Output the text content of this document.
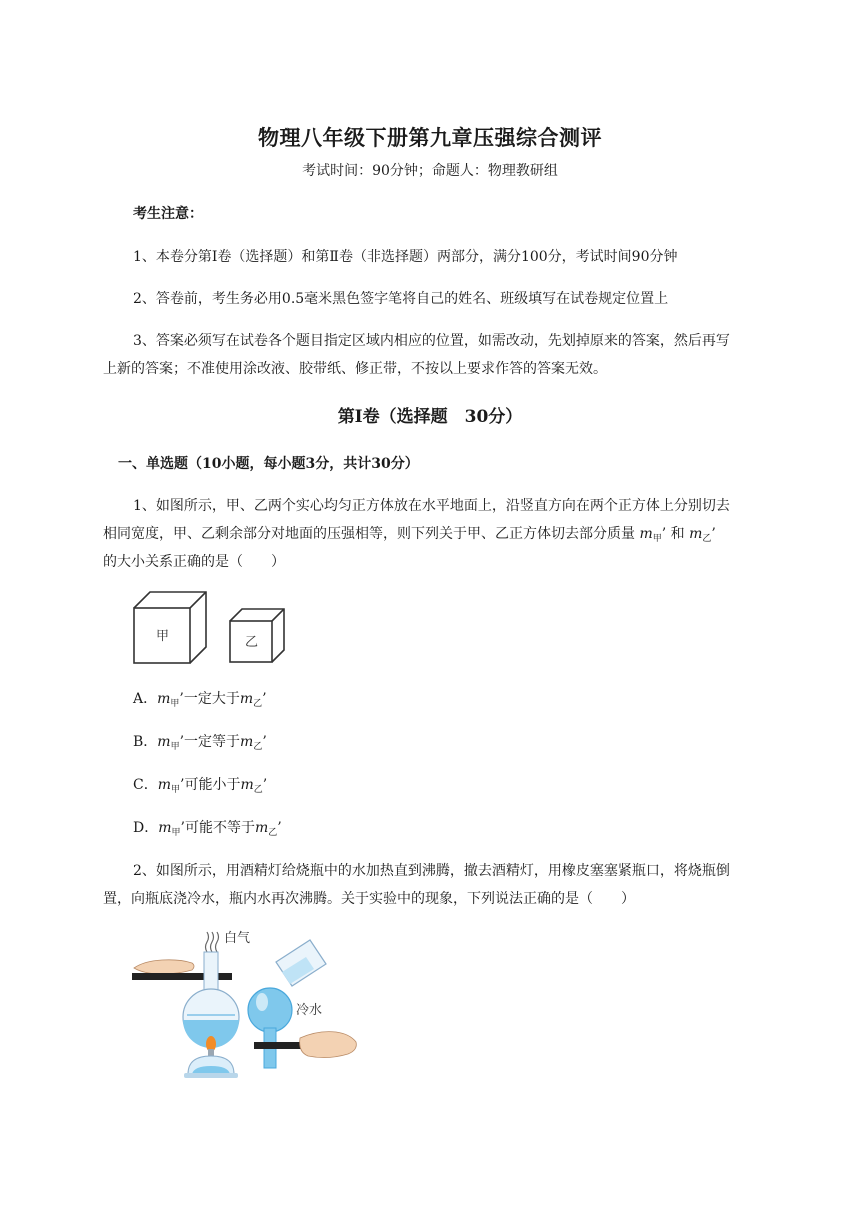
物理八年级下册第九章压强综合测评
考试时间：90分钟；命题人：物理教研组
考生注意：
1、本卷分第Ⅰ卷（选择题）和第Ⅱ卷（非选择题）两部分，满分100分，考试时间90分钟
2、答卷前，考生务必用0.5毫米黑色签字笔将自己的姓名、班级填写在试卷规定位置上
3、答案必须写在试卷各个题目指定区域内相应的位置，如需改动，先划掉原来的答案，然后再写
上新的答案；不准使用涂改液、胶带纸、修正带，不按以上要求作答的答案无效。
第Ⅰ卷（选择题　30分）
一、单选题（10小题，每小题3分，共计30分）
1、如图所示，甲、乙两个实心均匀正方体放在水平地面上，沿竖直方向在两个正方体上分别切去
相同宽度，甲、乙剩余部分对地面的压强相等，则下列关于甲、乙正方体切去部分质量 $m_甲$’ 和 $m_乙$’
的大小关系正确的是（　　）
甲	乙
A．$m_甲$’一定大于$m_乙$’
B．$m_甲$’一定等于$m_乙$’
C．$m_甲$’可能小于$m_乙$’
D．$m_甲$’可能不等于$m_乙$’
2、如图所示，用酒精灯给烧瓶中的水加热直到沸腾，撤去酒精灯，用橡皮塞塞紧瓶口，将烧瓶倒
置，向瓶底浇冷水，瓶内水再次沸腾。关于实验中的现象，下列说法正确的是（　　）
白气
冷水
